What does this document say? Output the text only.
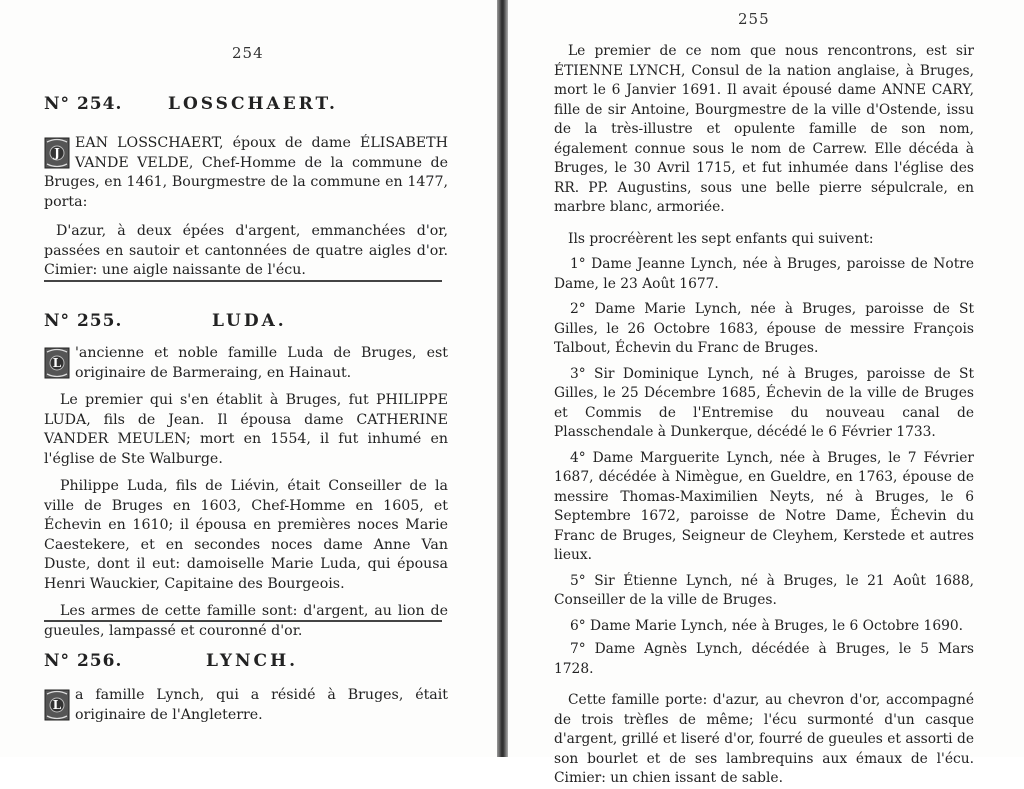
254
N° 254.	LOSSCHAERT.
J

EAN LOSSCHAERT, époux de dame ÉLISABETH VANDE VELDE, Chef-Homme de la commune de Bruges, en 1461, Bourgmestre de la commune en 1477, porta:

D'azur, à deux épées d'argent, emmanchées d'or, passées en sautoir et cantonnées de quatre aigles d'or. Cimier: une aigle naissante de l'écu.

N° 255.	LUDA.
L

'ancienne et noble famille Luda de Bruges, est originaire de Barmeraing, en Hainaut.

Le premier qui s'en établit à Bruges, fut PHILIPPE LUDA, fils de Jean. Il épousa dame CATHERINE VANDER MEULEN; mort en 1554, il fut inhumé en l'église de Ste Walburge.

Philippe Luda, fils de Liévin, était Conseiller de la ville de Bruges en 1603, Chef-Homme en 1605, et Échevin en 1610; il épousa en premières noces Marie Caestekere, et en secondes noces dame Anne Van Duste, dont il eut: damoiselle Marie Luda, qui épousa Henri Wauckier, Capitaine des Bourgeois.

Les armes de cette famille sont: d'argent, au lion de gueules, lampassé et couronné d'or.

N° 256.	LYNCH.
L

a famille Lynch, qui a résidé à Bruges, était originaire de l'Angleterre.

255

Le premier de ce nom que nous rencontrons, est sir ÉTIENNE LYNCH, Consul de la nation anglaise, à Bruges, mort le 6 Janvier 1691. Il avait épousé dame ANNE CARY, fille de sir Antoine, Bourgmestre de la ville d'Ostende, issu de la très-illustre et opulente famille de son nom, également connue sous le nom de Carrew. Elle décéda à Bruges, le 30 Avril 1715, et fut inhumée dans l'église des RR. PP. Augustins, sous une belle pierre sépulcrale, en marbre blanc, armoriée.

Ils procréèrent les sept enfants qui suivent:

1° Dame Jeanne Lynch, née à Bruges, paroisse de Notre Dame, le 23 Août 1677.

2° Dame Marie Lynch, née à Bruges, paroisse de St Gilles, le 26 Octobre 1683, épouse de messire François Talbout, Échevin du Franc de Bruges.

3° Sir Dominique Lynch, né à Bruges, paroisse de St Gilles, le 25 Décembre 1685, Échevin de la ville de Bruges et Commis de l'Entremise du nouveau canal de Plasschendale à Dunkerque, décédé le 6 Février 1733.

4° Dame Marguerite Lynch, née à Bruges, le 7 Février 1687, décédée à Nimègue, en Gueldre, en 1763, épouse de messire Thomas-Maximilien Neyts, né à Bruges, le 6 Septembre 1672, paroisse de Notre Dame, Échevin du Franc de Bruges, Seigneur de Cleyhem, Kerstede et autres lieux.

5° Sir Étienne Lynch, né à Bruges, le 21 Août 1688, Conseiller de la ville de Bruges.

6° Dame Marie Lynch, née à Bruges, le 6 Octobre 1690.

7° Dame Agnès Lynch, décédée à Bruges, le 5 Mars 1728.

Cette famille porte: d'azur, au chevron d'or, accompagné de trois trèfles de même; l'écu surmonté d'un casque d'argent, grillé et liseré d'or, fourré de gueules et assorti de son bourlet et de ses lambrequins aux émaux de l'écu. Cimier: un chien issant de sable.
